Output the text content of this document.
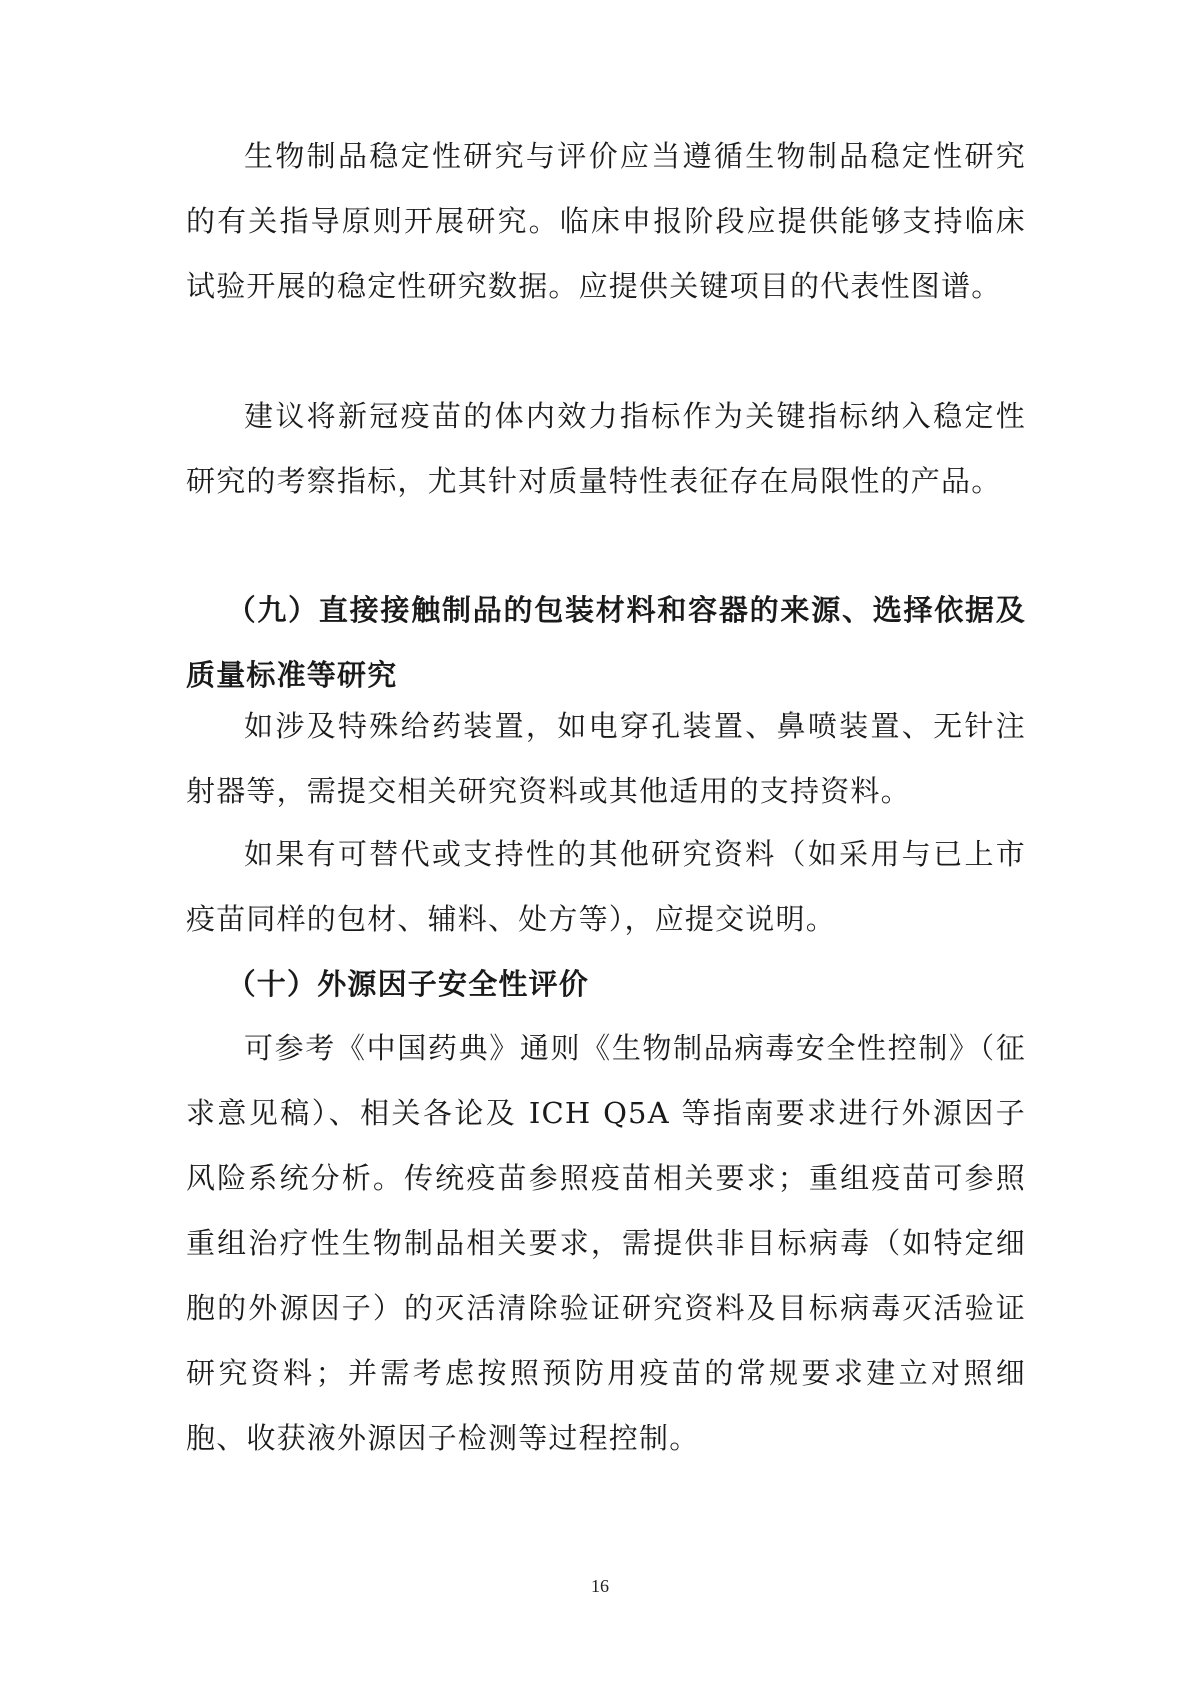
生物制品稳定性研究与评价应当遵循生物制品稳定性研究的有关指导原则开展研究。临床申报阶段应提供能够支持临床试验开展的稳定性研究数据。应提供关键项目的代表性图谱。

建议将新冠疫苗的体内效力指标作为关键指标纳入稳定性研究的考察指标，尤其针对质量特性表征存在局限性的产品。

（九）直接接触制品的包装材料和容器的来源、选择依据及质量标准等研究

如涉及特殊给药装置，如电穿孔装置、鼻喷装置、无针注射器等，需提交相关研究资料或其他适用的支持资料。

如果有可替代或支持性的其他研究资料（如采用与已上市疫苗同样的包材、辅料、处方等），应提交说明。

（十）外源因子安全性评价

可参考《中国药典》通则《生物制品病毒安全性控制》（征求意见稿）、相关各论及 ICH Q5A 等指南要求进行外源因子风险系统分析。传统疫苗参照疫苗相关要求；重组疫苗可参照重组治疗性生物制品相关要求，需提供非目标病毒（如特定细胞的外源因子）的灭活清除验证研究资料及目标病毒灭活验证研究资料；并需考虑按照预防用疫苗的常规要求建立对照细胞、收获液外源因子检测等过程控制。

16
